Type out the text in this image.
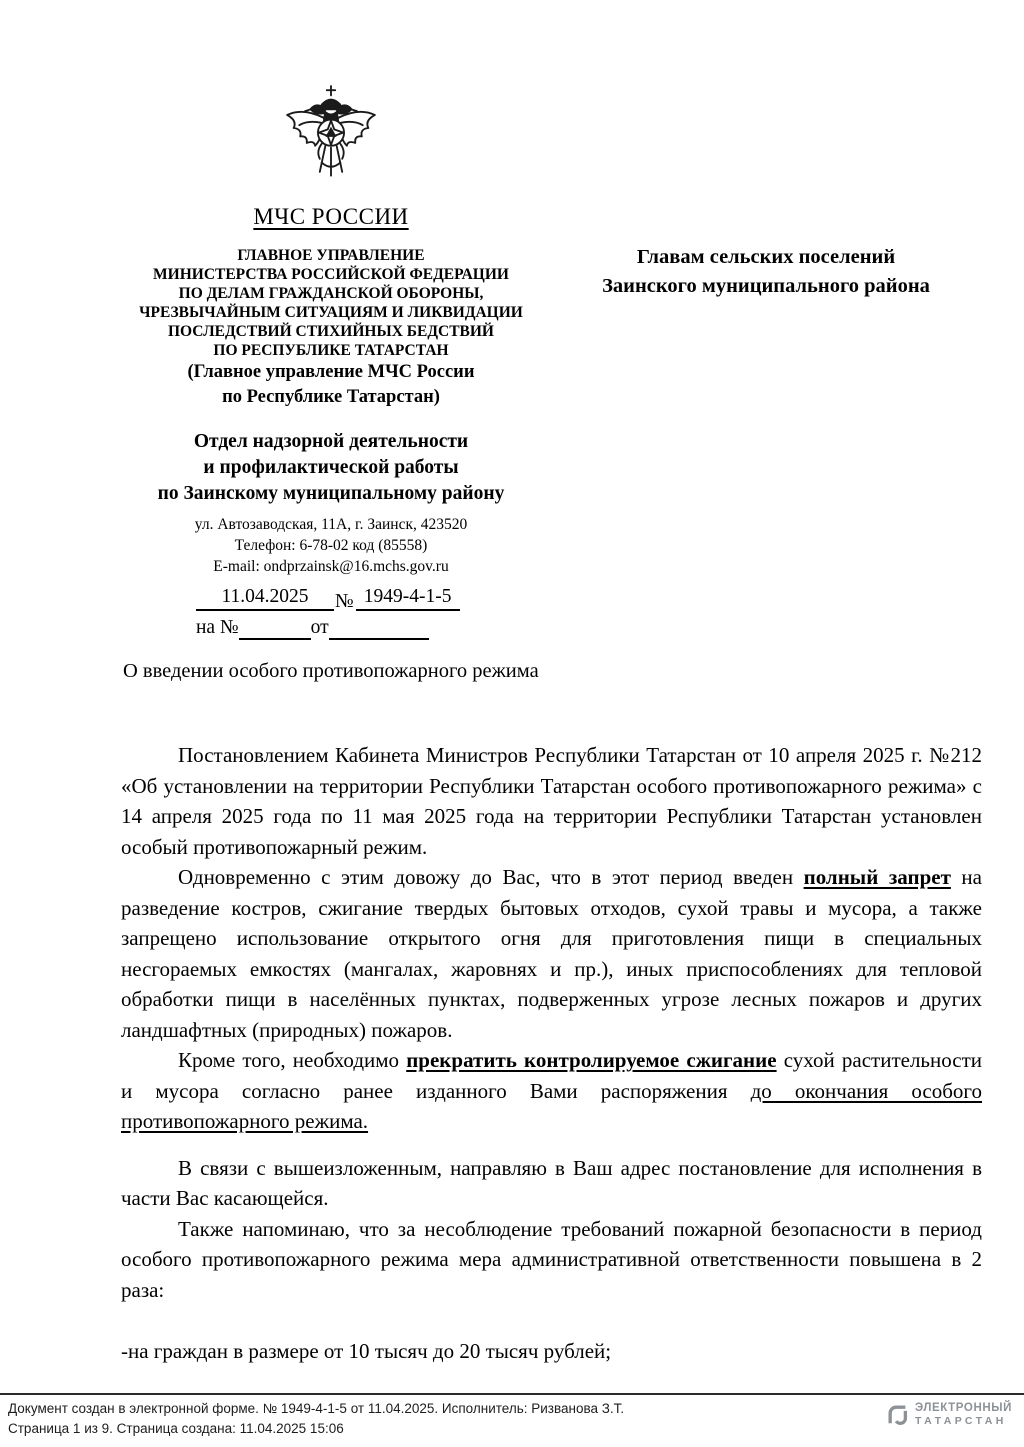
МЧС РОССИИ
ГЛАВНОЕ УПРАВЛЕНИЕ
МИНИСТЕРСТВА РОССИЙСКОЙ ФЕДЕРАЦИИ
ПО ДЕЛАМ ГРАЖДАНСКОЙ ОБОРОНЫ,
ЧРЕЗВЫЧАЙНЫМ СИТУАЦИЯМ И ЛИКВИДАЦИИ
ПОСЛЕДСТВИЙ СТИХИЙНЫХ БЕДСТВИЙ
ПО РЕСПУБЛИКЕ ТАТАРСТАН
(Главное управление МЧС России
по Республике Татарстан)
Отдел надзорной деятельности
и профилактической работы
по Заинскому муниципальному району
ул. Автозаводская, 11А, г. Заинск, 423520
Телефон: 6-78-02 код (85558)
E-mail: ondprzainsk@16.mchs.gov.ru
11.04.2025	№ 1949-4-1-5
на №	от
Главам сельских поселений
Заинского муниципального района
О введении особого противопожарного режима

Постановлением Кабинета Министров Республики Татарстан от 10 апреля 2025 г. №212 «Об установлении на территории Республики Татарстан особого противопожарного режима» с 14 апреля 2025 года по 11 мая 2025 года на территории Республики Татарстан установлен особый противопожарный режим.

Одновременно с этим довожу до Вас, что в этот период введен полный запрет на разведение костров, сжигание твердых бытовых отходов, сухой травы и мусора, а также запрещено использование открытого огня для приготовления пищи в специальных несгораемых емкостях (мангалах, жаровнях и пр.), иных приспособлениях для тепловой обработки пищи в населённых пунктах, подверженных угрозе лесных пожаров и других ландшафтных (природных) пожаров.

Кроме того, необходимо прекратить контролируемое сжигание сухой растительности и мусора согласно ранее изданного Вами распоряжения до окончания особого противопожарного режима.

В связи с вышеизложенным, направляю в Ваш адрес постановление для исполнения в части Вас касающейся.

Также напоминаю, что за несоблюдение требований пожарной безопасности в период особого противопожарного режима мера административной ответственности повышена в 2 раза:

-на граждан в размере от 10 тысяч до 20 тысяч рублей;

Документ создан в электронной форме. № 1949-4-1-5 от 11.04.2025. Исполнитель: Ризванова З.Т.
Страница 1 из 9. Страница создана: 11.04.2025 15:06
ЭЛЕКТРОННЫЙ
ТАТАРСТАН
